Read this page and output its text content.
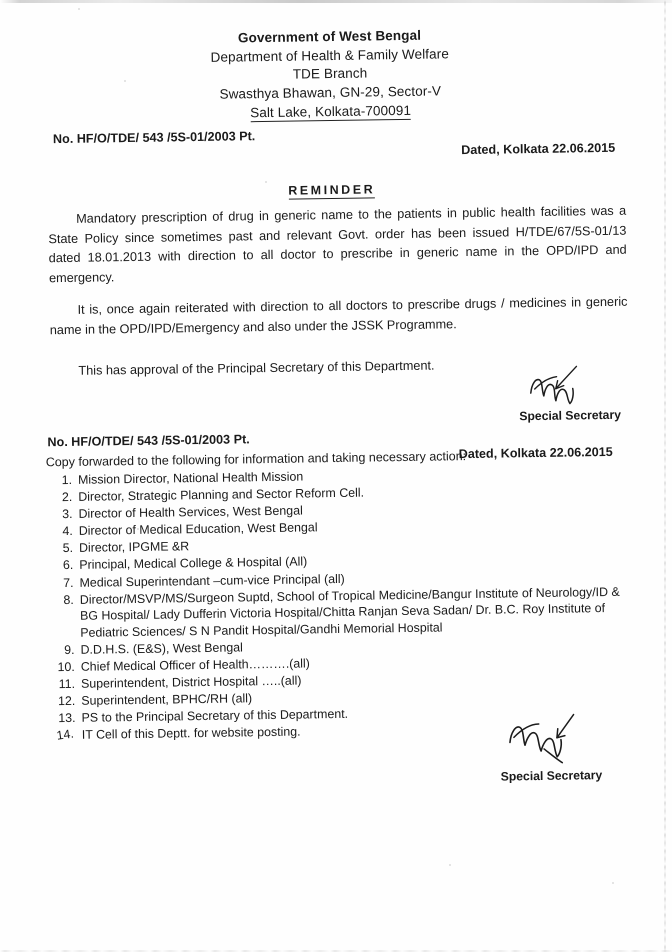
Government of West Bengal
Department of Health & Family Welfare
TDE Branch
Swasthya Bhawan, GN-29, Sector-V
Salt Lake, Kolkata-700091
No. HF/O/TDE/ 543 /5S-01/2003 Pt.
Dated, Kolkata 22.06.2015
REMINDER
Mandatory prescription of drug in generic name to the patients in public health facilities was a State Policy since sometimes past and relevant Govt. order has been issued H/TDE/67/5S-01/13 dated 18.01.2013 with direction to all doctor to prescribe in generic name in the OPD/IPD and emergency.
It is, once again reiterated with direction to all doctors to prescribe drugs / medicines in generic name in the OPD/IPD/Emergency and also under the JSSK Programme.
This has approval of the Principal Secretary of this Department.
Special Secretary
No. HF/O/TDE/ 543 /5S-01/2003 Pt.
Dated, Kolkata 22.06.2015
Copy forwarded to the following for information and taking necessary action:
1. Mission Director, National Health Mission
2. Director, Strategic Planning and Sector Reform Cell.
3. Director of Health Services, West Bengal
4. Director of Medical Education, West Bengal
5. Director, IPGME &R
6. Principal, Medical College & Hospital (All)
7. Medical Superintendant –cum-vice Principal (all)
8. Director/MSVP/MS/Surgeon Suptd, School of Tropical Medicine/Bangur Institute of Neurology/ID &
BG Hospital/ Lady Dufferin Victoria Hospital/Chitta Ranjan Seva Sadan/ Dr. B.C. Roy Institute of
Pediatric Sciences/ S N Pandit Hospital/Gandhi Memorial Hospital
9. D.D.H.S. (E&S), West Bengal
10. Chief Medical Officer of Health……….(all)
11. Superintendent, District Hospital …..(all)
12. Superintendent, BPHC/RH (all)
13. PS to the Principal Secretary of this Department.
14. IT Cell of this Deptt. for website posting.
Special Secretary
